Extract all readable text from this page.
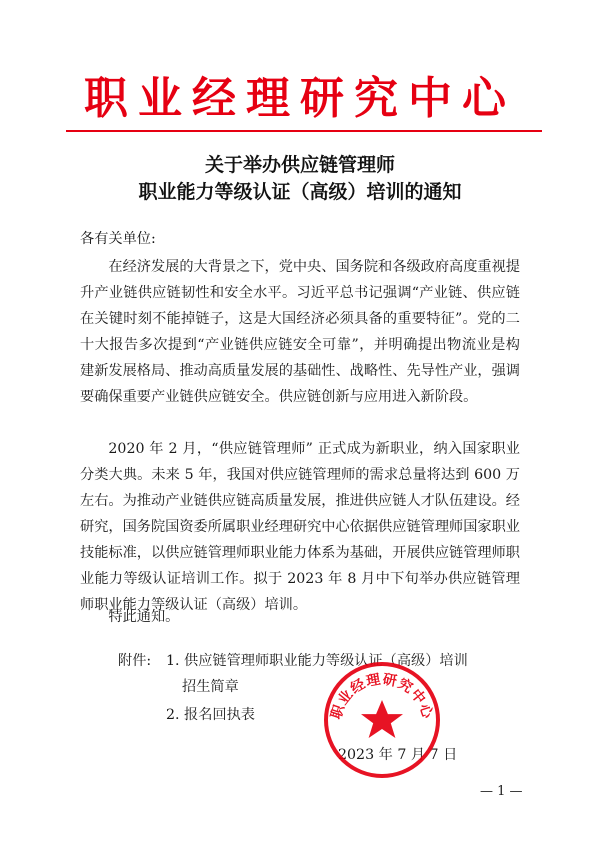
职业经理研究中心
关于举办供应链管理师
职业能力等级认证（高级）培训的通知
各有关单位:
在经济发展的大背景之下，党中央、国务院和各级政府高度重视提升产业链供应链韧性和安全水平。习近平总书记强调“产业链、供应链在关键时刻不能掉链子，这是大国经济必须具备的重要特征”。党的二十大报告多次提到“产业链供应链安全可靠”，并明确提出物流业是构建新发展格局、推动高质量发展的基础性、战略性、先导性产业，强调要确保重要产业链供应链安全。供应链创新与应用进入新阶段。
2020 年 2 月，“供应链管理师” 正式成为新职业，纳入国家职业分类大典。未来 5 年，我国对供应链管理师的需求总量将达到 600 万左右。为推动产业链供应链高质量发展，推进供应链人才队伍建设。经研究，国务院国资委所属职业经理研究中心依据供应链管理师国家职业技能标准，以供应链管理师职业能力体系为基础，开展供应链管理师职业能力等级认证培训工作。拟于 2023 年 8 月中下旬举办供应链管理师职业能力等级认证（高级）培训。
特此通知。
附件: 1. 供应链管理师职业能力等级认证（高级）培训
招生简章
2. 报名回执表
2023 年 7 月 7 日
职业经理研究中心
— 1 —
